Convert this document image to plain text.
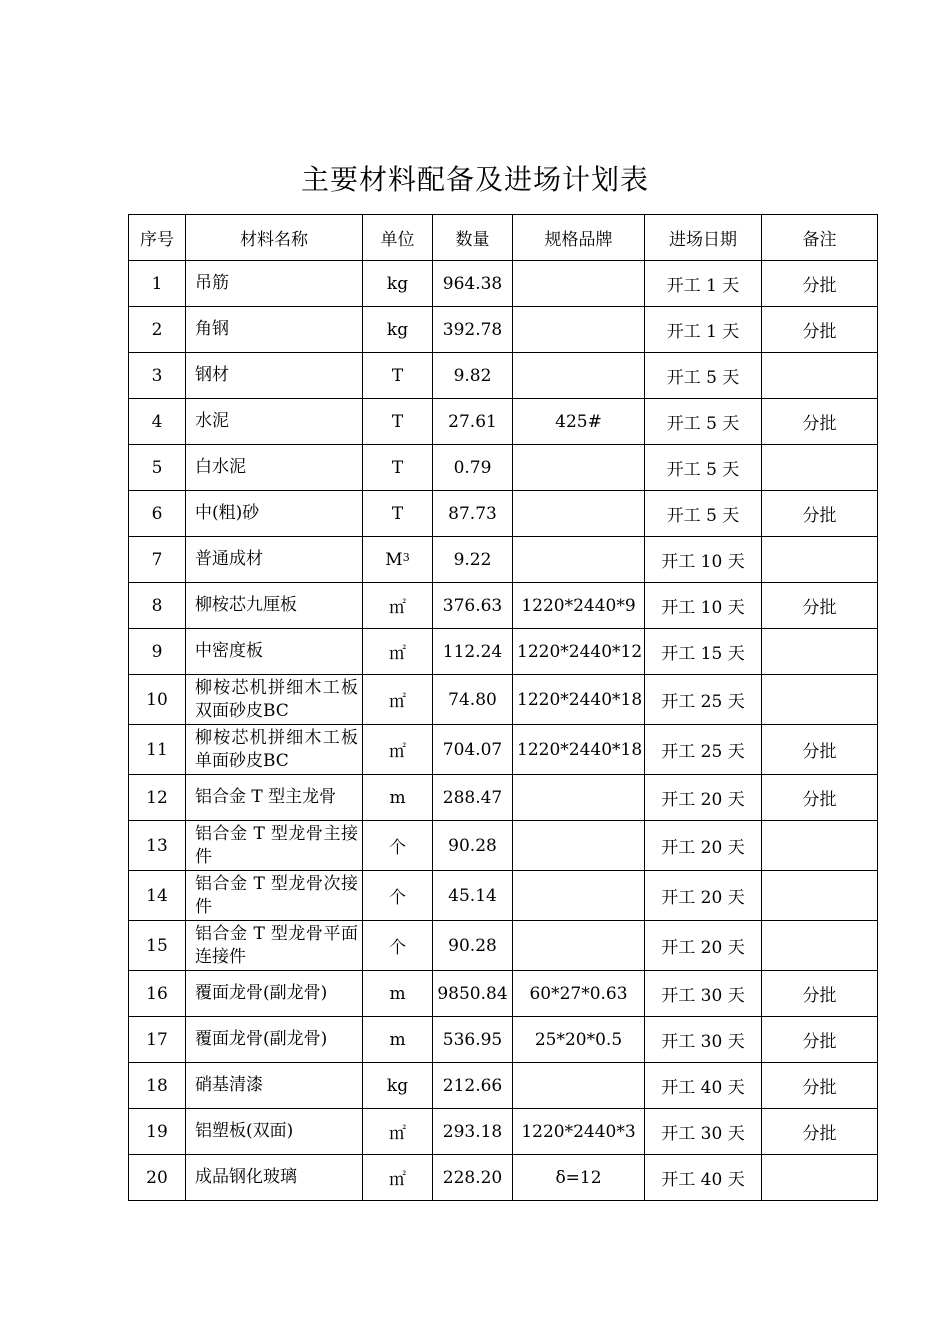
主要材料配备及进场计划表
序号	材料名称	单位	数量	规格品牌	进场日期	备注
1	吊筋	kg	964.38		开工 1 天	分批
2	角钢	kg	392.78		开工 1 天	分批
3	钢材	T	9.82		开工 5 天	
4	水泥	T	27.61	425#	开工 5 天	分批
5	白水泥	T	0.79		开工 5 天	
6	中(粗)砂	T	87.73		开工 5 天	分批
7	普通成材	$M^3$	9.22		开工 10 天	
8	柳桉芯九厘板	㎡	376.63	1220*2440*9	开工 10 天	分批
9	中密度板	㎡	112.24	1220*2440*12	开工 15 天	
10	柳桉芯机拼细木工板双面砂皮BC	㎡	74.80	1220*2440*18	开工 25 天	
11	柳桉芯机拼细木工板单面砂皮BC	㎡	704.07	1220*2440*18	开工 25 天	分批
12	铝合金 T 型主龙骨	m	288.47		开工 20 天	分批
13	铝合金 T 型龙骨主接件	个	90.28		开工 20 天	
14	铝合金 T 型龙骨次接件	个	45.14		开工 20 天	
15	铝合金 T 型龙骨平面连接件	个	90.28		开工 20 天	
16	覆面龙骨(副龙骨)	m	9850.84	60*27*0.63	开工 30 天	分批
17	覆面龙骨(副龙骨)	m	536.95	25*20*0.5	开工 30 天	分批
18	硝基清漆	kg	212.66		开工 40 天	分批
19	铝塑板(双面)	㎡	293.18	1220*2440*3	开工 30 天	分批
20	成品钢化玻璃	㎡	228.20	δ=12	开工 40 天	
